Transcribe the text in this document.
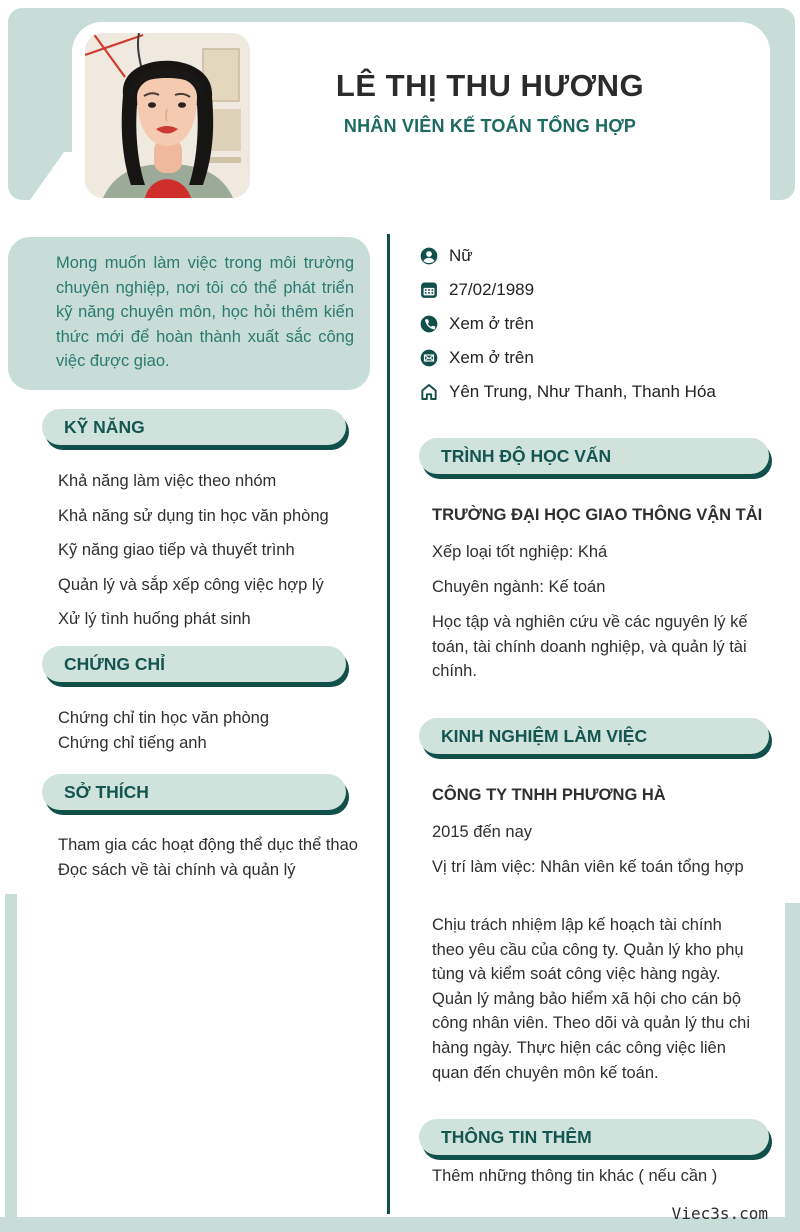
LÊ THỊ THU HƯƠNG
NHÂN VIÊN KẾ TOÁN TỔNG HỢP
Viec3s.com
Mong muốn làm việc trong môi trường chuyên nghiệp, nơi tôi có thể phát triển kỹ năng chuyên môn, học hỏi thêm kiến thức mới để hoàn thành xuất sắc công việc được giao.
KỸ NĂNG
Khả năng làm việc theo nhóm
Khả năng sử dụng tin học văn phòng
Kỹ năng giao tiếp và thuyết trình
Quản lý và sắp xếp công việc hợp lý
Xử lý tình huống phát sinh
CHỨNG CHỈ
Chứng chỉ tin học văn phòng
Chứng chỉ tiếng anh
SỞ THÍCH
Tham gia các hoạt động thể dục thể thao
Đọc sách về tài chính và quản lý
Nữ
27/02/1989
Xem ở trên
Xem ở trên
Yên Trung, Như Thanh, Thanh Hóa
TRÌNH ĐỘ HỌC VẤN
TRƯỜNG ĐẠI HỌC GIAO THÔNG VẬN TẢI
Xếp loại tốt nghiệp: Khá
Chuyên ngành: Kế toán
Học tập và nghiên cứu về các nguyên lý kế toán, tài chính doanh nghiệp, và quản lý tài chính.
KINH NGHIỆM LÀM VIỆC
CÔNG TY TNHH PHƯƠNG HÀ
2015 đến nay
Vị trí làm việc: Nhân viên kế toán tổng hợp
Chịu trách nhiệm lập kế hoạch tài chính theo yêu cầu của công ty. Quản lý kho phụ tùng và kiểm soát công việc hàng ngày. Quản lý mảng bảo hiểm xã hội cho cán bộ công nhân viên. Theo dõi và quản lý thu chi hàng ngày. Thực hiện các công việc liên quan đến chuyên môn kế toán.
THÔNG TIN THÊM
Thêm những thông tin khác ( nếu cần )
